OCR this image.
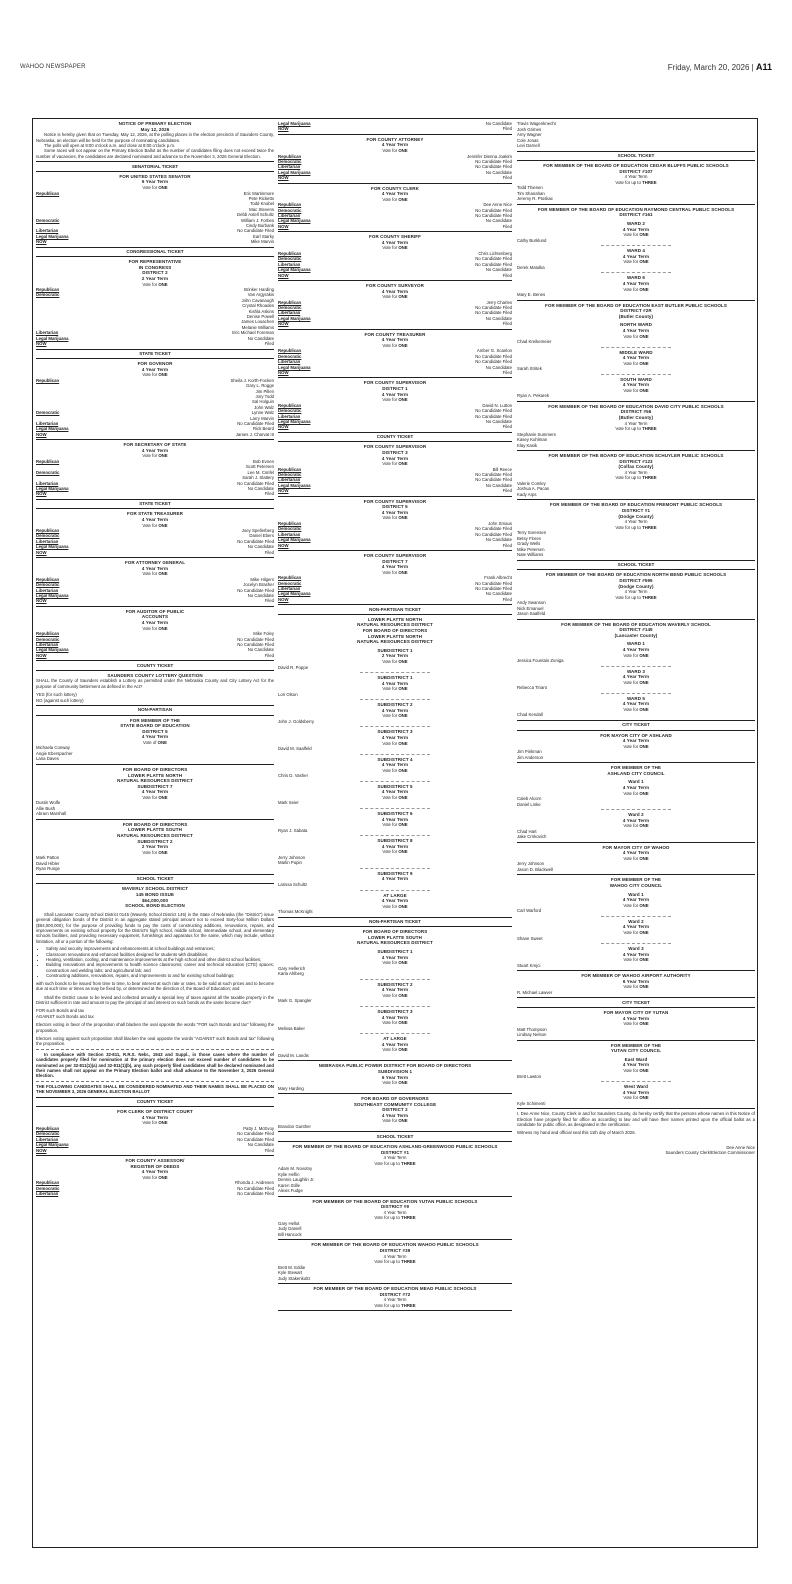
WAHOO NEWSPAPER	Friday, March 20, 2026 | A11
NOTICE OF PRIMARY ELECTION
May 12, 2026
Notice is hereby given that on Tuesday, May 12, 2026, at the polling places in the election precincts of Saunders County, Nebraska, an election will be held for the purpose of nominating candidates.
The polls will open at 8:00 o'clock a.m. and close at 8:00 o'clock p.m.
Some races will not appear on the Primary Election Ballot as the number of candidates filing does not exceed twice the number of vacancies, the candidates are declared nominated and advance to the November 3, 2026 General Election.
SENATORIAL TICKET
FOR UNITED STATES SENATOR
6 Year Term
Vote for ONE
Republican	Eric Martinmore
Pete Ricketts
Todd Knobel
Mac Stevens
Debb Axtell Schultz
Democratic	William J. Forbes
Cindy Burbank
Libertarian	No Candidate Filed
Legal Marijuana	Earl Starky
NOW	Mike Marvin
CONGRESSIONAL TICKET
FOR REPRESENTATIVE
IN CONGRESS
DISTRICT 2
2 Year Term
Vote for ONE
Republican	Brinker Harding
Democratic	Van Argyrakis
John Cavanaugh
Crystal Rhoades
Kishla Askins
Denise Powell
James Louachen
Melanie Williams
Libertarian	Eric Michael Foreman
Legal Marijuana	No Candidate
NOW	Filed
STATE TICKET
FOR GOVENOR
4 Year Term
Vote for ONE
Republican	Sheila J. Korth-Focken
Gary L. Rogge
Jim Pillen
Jory Todd
Sal Holguin
John Walz
Democratic	Lynne Walz
Larry Marvin
Libertarian	No Candidate Filed
Legal Marijuana	Rick Beard
NOW	James J. Charvat III
FOR SECRETARY OF STATE
4 Year Term
Vote for ONE
Republican	Bob Evnen
Scott Petersen
Democratic	Lee M. Cimfel
Sarah J. Slattery
Libertarian	No Candidate Filed
Legal Marijuana	No Candidate
NOW	Filed
STATE TICKET
FOR STATE TREASURER
4 Year Term
Vote for ONE
Republican	Joey Spellerberg
Democratic	Daniel Ebers
Libertarian	No Candidate Filed
Legal Marijuana	No Candidate
NOW	Filed
FOR ATTORNEY GENERAL
4 Year Term
Vote for ONE
Republican	Mike Hilgers
Democratic	Jocelyn Brasher
Libertarian	No Candidate Filed
Legal Marijuana	No Candidate
NOW	Filed
FOR AUDITOR OF PUBLIC
ACCOUNTS
4 Year Term
Vote for ONE
Republican	Mike Foley
Democratic	No Candidate Filed
Libertarian	No Candidate Filed
Legal Marijuana	No Candidate
NOW	Filed
COUNTY TICKET
SAUNDERS COUNTY LOTTERY QUESTION
SHALL the County of Saunders establish a Lottery as permitted under the Nebraska County and City Lottery Act for the purpose of community betterment as defined in the Act?
YES (for such lottery)
NO (against such lottery)
NON-PARTISAN
FOR MEMBER OF THE
STATE BOARD OF EDUCATION
DISTRICT 5
4 Year Term
Vote of ONE
Michaela Conway
Angie Eberspacher
Lana Daves
FOR BOARD OF DIRECTORS
LOWER PLATTE NORTH
NATURAL RESOURCES DISTRICT
SUBDISTRICT 7
4 Year Term
Vote for ONE
Dustin Wolfe
Allie Bush
Abram Marshall
FOR BOARD OF DIRECTORS
LOWER PLATTE SOUTH
NATURAL RESOURCES DISTRICT
SUBDISTRICT 2
2 Year Term
Vote for ONE
Mark Patton
David Hibler
Ryan Runge
SCHOOL TICKET
WAVERLY SCHOOL DISTRICT
145 BOND ISSUE
$64,000,000
SCHOOL BOND ELECTION
Shall Lancaster County School District 0145 (Waverly School District 145) in the State of Nebraska (the "District") issue general obligation bonds of the District in an aggregate stated principal amount not to exceed Sixty-four Million Dollars ($64,000,000), for the purpose of providing funds to pay the costs of constructing additions, renovations, repairs, and improvements on existing school property for the District's high school, middle school, intermediate school, and elementary schools facilities, and providing necessary equipment, furnishings and apparatus for the same, which may include, without limitation, all or a portion of the following:
• Safety and security improvements and enhancements at school buildings and entrances;
• Classroom renovations and enhanced facilities designed for students with disabilities;
• Heating, ventilation, cooling, and maintenance improvements at the high school and other district school facilities;
• Building renovations and improvements to health science classrooms; career and technical education (CTE) spaces; construction and welding labs; and agricultural lab; and
• Constructing additions, renovations, repairs, and improvements to and for existing school buildings;
with such bonds to be issued from time to time, to bear interest at such rate or rates, to be sold at such prices and to become due at such time or times as may be fixed by, or determined at the direction of, the Board of Education; and
Shall the District cause to be levied and collected annually a special levy of taxes against all the taxable property in the District sufficient in rate and amount to pay the principal of and interest on such bonds as the same become due?
FOR such Bonds and tax
AGAINST such Bonds and tax
Electors voting in favor of the proposition shall blacken the oval opposite the words "FOR such Bonds and tax" following the proposition.
Electors voting against such proposition shall blacken the oval opposite the words "AGAINST such Bonds and tax" following the proposition.
In compliance with Section 32-811, R.R.S. Nebr., 1943 and Suppl., in those cases where the number of candidates properly filed for nomination at the primary election does not exceed number of candidates to be nominated as per 32-811(1)(a) and 32-811(1)(b), any such properly filed candidates shall be declared nominated and their names shall not appear on the Primary Election ballot and shall advance to the November 3, 2026 General Election.
THE FOLLOWING CANDIDATES SHALL BE CONSIDERED NOMINATED AND THEIR NAMES SHALL BE PLACED ON THE NOVEMBER 3, 2026 GENERAL ELECTION BALLOT
COUNTY TICKET
FOR CLERK OF DISTRICT COURT
4 Year Term
Vote for ONE
Republican	Patty J. McEvoy
Democratic	No Candidate Filed
Libertarian	No Candidate Filed
Legal Marijuana	No Candidate
NOW	Filed
FOR COUNTY ASSESSOR/
REGISTER OF DEEDS
4 Year Term
Vote for ONE
Republican	Rhonda J. Andresen
Democratic	No Candidate Filed
Libertarian	No Candidate Filed
Legal Marijuana	No Candidate
NOW	Filed
FOR COUNTY ATTORNEY
4 Year Term
Vote for ONE
Republican	Jennifer Dienna Joakim
Democratic	No Candidate Filed
Libertarian	No Candidate Filed
Legal Marijuana	No Candidate
NOW	Filed
FOR COUNTY CLERK
4 Year Term
Vote for ONE
Republican	Dee Anne Nice
Democratic	No Candidate Filed
Libertarian	No Candidate Filed
Legal Marijuana	No Candidate
NOW	Filed
FOR COUNTY SHERIFF
4 Year Term
Vote for ONE
Republican	Chris Lichtenberg
Democratic	No Candidate Filed
Libertarian	No Candidate Filed
Legal Marijuana	No Candidate
NOW	Filed
FOR COUNTY SURVEYOR
4 Year Term
Vote for ONE
Republican	Jerry Charles
Democratic	No Candidate Filed
Libertarian	No Candidate Filed
Legal Marijuana	No Candidate
NOW	Filed
FOR COUNTY TREASURER
4 Year Term
Vote for ONE
Republican	Amber G. Scanlon
Democratic	No Candidate Filed
Libertarian	No Candidate Filed
Legal Marijuana	No Candidate
NOW	Filed
FOR COUNTY SUPERVISOR
DISTRICT 1
4 Year Term
Vote for ONE
Republican	David N. Lutton
Democratic	No Candidate Filed
Libertarian	No Candidate Filed
Legal Marijuana	No Candidate
NOW	Filed
COUNTY TICKET
FOR COUNTY SUPERVISOR
DISTRICT 3
4 Year Term
Vote for ONE
Republican	Bill Reece
Democratic	No Candidate Filed
Libertarian	No Candidate Filed
Legal Marijuana	No Candidate
NOW	Filed
FOR COUNTY SUPERVISOR
DISTRICT 5
4 Year Term
Vote for ONE
Republican	John Smaus
Democratic	No Candidate Filed
Libertarian	No Candidate Filed
Legal Marijuana	No Candidate
NOW	Filed
FOR COUNTY SUPERVISOR
DISTRICT 7
4 Year Term
Vote for ONE
Republican	Frank Albrecht
Democratic	No Candidate Filed
Libertarian	No Candidate Filed
Legal Marijuana	No Candidate
NOW	Filed
NON-PARTISAN TICKET
LOWER PLATTE NORTH
NATURAL RESOURCES DISTRICT
FOR BOARD OF DIRECTORS
LOWER PLATTE NORTH
NATURAL RESOURCES DISTRICT
SUBDISTRICT 1
2 Year Term
Vote for ONE
David R. Poppe
SUBDISTRICT 1
4 Year Term
Vote for ONE
Lori Olson
SUBDISTRICT 2
4 Year Term
Vote for ONE
John J. Goldsberry
SUBDISTRICT 3
4 Year Term
Vote for ONE
David M. Saalfeld
SUBDISTRICT 4
4 Year Term
Vote for ONE
Chris D. Vasher
SUBDISTRICT 5
4 Year Term
Vote for ONE
Mark Seier
SUBDISTRICT 6
4 Year Term
Vote for ONE
Ryan J. Sabata
SUBDISTRICT 8
4 Year Term
Vote for ONE
Jerry Johnson
Marlin Pupin
SUBDISTRICT 9
4 Year Term
Larissa Schultz
AT LARGE
4 Year Term
Vote for ONE
Thomas McKnight
NON-PARTISAN TICKET
FOR BOARD OF DIRECTORS
LOWER PLATTE SOUTH
NATURAL RESOURCES DISTRICT
SUBDISTRICT 1
4 Year Term
Vote for ONE
Gary Hellerich
Karla Ahlberg
SUBDISTRICT 2
4 Year Term
Vote for ONE
Mark G. Spangler
SUBDISTRICT 3
4 Year Term
Vote for ONE
Melissa Baker
AT LARGE
4 Year Term
Vote for ONE
David M. Landis
NEBRASKA PUBLIC POWER DISTRICT FOR BOARD OF DIRECTORS
SUBDIVISION 1
6 Year Term
Vote for ONE
Mary Harding
FOR BOARD OF GOVERNORS
SOUTHEAST COMMUNITY COLLEGE
DISTRICT 2
4 Year Term
Vote for ONE
Brandon Gunther
SCHOOL TICKET
FOR MEMBER OF THE BOARD OF EDUCATION ASHLAND-GREENWOOD PUBLIC SCHOOLS
DISTRICT #1
4 Year Term
Vote for up to THREE
Adam M. Novotny
Kylie Heflin
Dennis Laughlin Jr.
Karen Stille
Alexis Fudge
FOR MEMBER OF THE BOARD OF EDUCATION YUTAN PUBLIC SCHOOLS
DISTRICT #9
4 Year Term
Vote for up to THREE
Gary Hellot
Judy Daniell
Bill Hancock
FOR MEMBER OF THE BOARD OF EDUCATION WAHOO PUBLIC SCHOOLS
DISTRICT #39
4 Year Term
Vote for up to THREE
Brett M. Eddie
Kyle Stewart
Judy Stakenkoltz
FOR MEMBER OF THE BOARD OF EDUCATION MEAD PUBLIC SCHOOLS
DISTRICT #72
4 Year Term
Vote for up to THREE
Travis Wagenknecht
Josh Grimes
Amy Wagner
Cole Jonas
Levi Darnell
SCHOOL TICKET
FOR MEMBER OF THE BOARD OF EDUCATION CEDAR BLUFFS PUBLIC SCHOOLS
DISTRICT #107
4 Year Term
Vote for up to THREE
Todd Thiesen
Tim Shanahan
Jeremy R. Ptoskac
FOR MEMBER OF THE BOARD OF EDUCATION RAYMOND CENTRAL PUBLIC SCHOOLS
DISTRICT #161
WARD 2
4 Year Term
Vote for ONE
Cathy Burklund
WARD 4
4 Year Term
Vote for ONE
Derek Matulka
WARD 6
4 Year Term
Vote for ONE
Mary E. Benes
FOR MEMBER OF THE BOARD OF EDUCATION EAST BUTLER PUBLIC SCHOOLS
DISTRICT #2R
(Butler County)
NORTH WARD
4 Year Term
Vote for ONE
Chad Kreikemeier
MIDDLE WARD
4 Year Term
Vote for ONE
Sarah Stritek
SOUTH WARD
4 Year Term
Vote for ONE
Ryan A. Pekarek
FOR MEMBER OF THE BOARD OF EDUCATION DAVID CITY PUBLIC SCHOOLS
DISTRICT #56
(Butler County)
4 Year Term
Vote for up to THREE
Stephanie Summers
Kasey Kuhlman
Klay Kasik
FOR MEMBER OF THE BOARD OF EDUCATION SCHUYLER PUBLIC SCHOOLS
DISTRICT #123
(Colfax County)
4 Year Term
Vote for up to THREE
Valerie Comley
Joshua A. Pacas
Kady Arps
FOR MEMBER OF THE BOARD OF EDUCATION FREMONT PUBLIC SCHOOLS
DISTRICT #1
(Dodge County)
4 Year Term
Vote for up to THREE
Terry Sorensen
Betsy Flores
Grady Wells
Mike Petersen
Nate Williams
SCHOOL TICKET
FOR MEMBER OF THE BOARD OF EDUCATION NORTH BEND PUBLIC SCHOOLS
DISTRICT #595
(Dodge County)
4 Year Term
Vote for up to THREE
Andy Swanson
Nick Emanuel
Jason Saalfeld
FOR MEMBER OF THE BOARD OF EDUCATION WAVERLY SCHOOL
DISTRICT #145
(Lancaster County)
WARD 1
4 Year Term
Vote for ONE
Jessica Fountain Zuniga
WARD 3
4 Year Term
Vote for ONE
Rebecca Tinant
WARD 5
4 Year Term
Vote for ONE
Chad Kendall
CITY TICKET
FOR MAYOR CITY OF ASHLAND
4 Year Term
Vote for ONE
Jim Pinkman
Jim Anderson
FOR MEMBER OF THE
ASHLAND CITY COUNCIL
Ward 1
4 Year Term
Vote for ONE
Caleb Alcorn
Daniel Linke
Ward 2
4 Year Term
Vote for ONE
Chad Hart
Jake Crnkovich
FOR MAYOR CITY OF WAHOO
4 Year Term
Vote for ONE
Jerry Johnson
Jason D. Blackwell
FOR MEMBER OF THE
WAHOO CITY COUNCIL
Ward 1
4 Year Term
Vote for ONE
Carl Warford
Ward 2
4 Year Term
Vote for ONE
Shane Sweet
Ward 3
4 Year Term
Vote for ONE
Stuart Krejci
FOR MEMBER OF WAHOO AIRPORT AUTHORITY
6 Year Term
Vote for ONE
R. Michael Lawver
CITY TICKET
FOR MAYOR CITY OF YUTAN
4 Year Term
Vote for ONE
Matt Thompson
Lindsay Nelson
FOR MEMBER OF THE
YUTAN CITY COUNCIL
East Ward
4 Year Term
Vote for ONE
Brett Lawton
West Ward
4 Year Term
Vote for ONE
Kyle Schimenti
I, Dee Anne Nice, County Clerk in and for Saunders County, do hereby certify that the persons whose names in this Notice of Election have properly filed for office as according to law and will have their names printed upon the official ballot as a candidate for public office, as designated in the certification.
Witness my hand and official seal this 11th day of March 2026.
Dee Anne Nice
Saunders County Clerk/Election Commissioner
